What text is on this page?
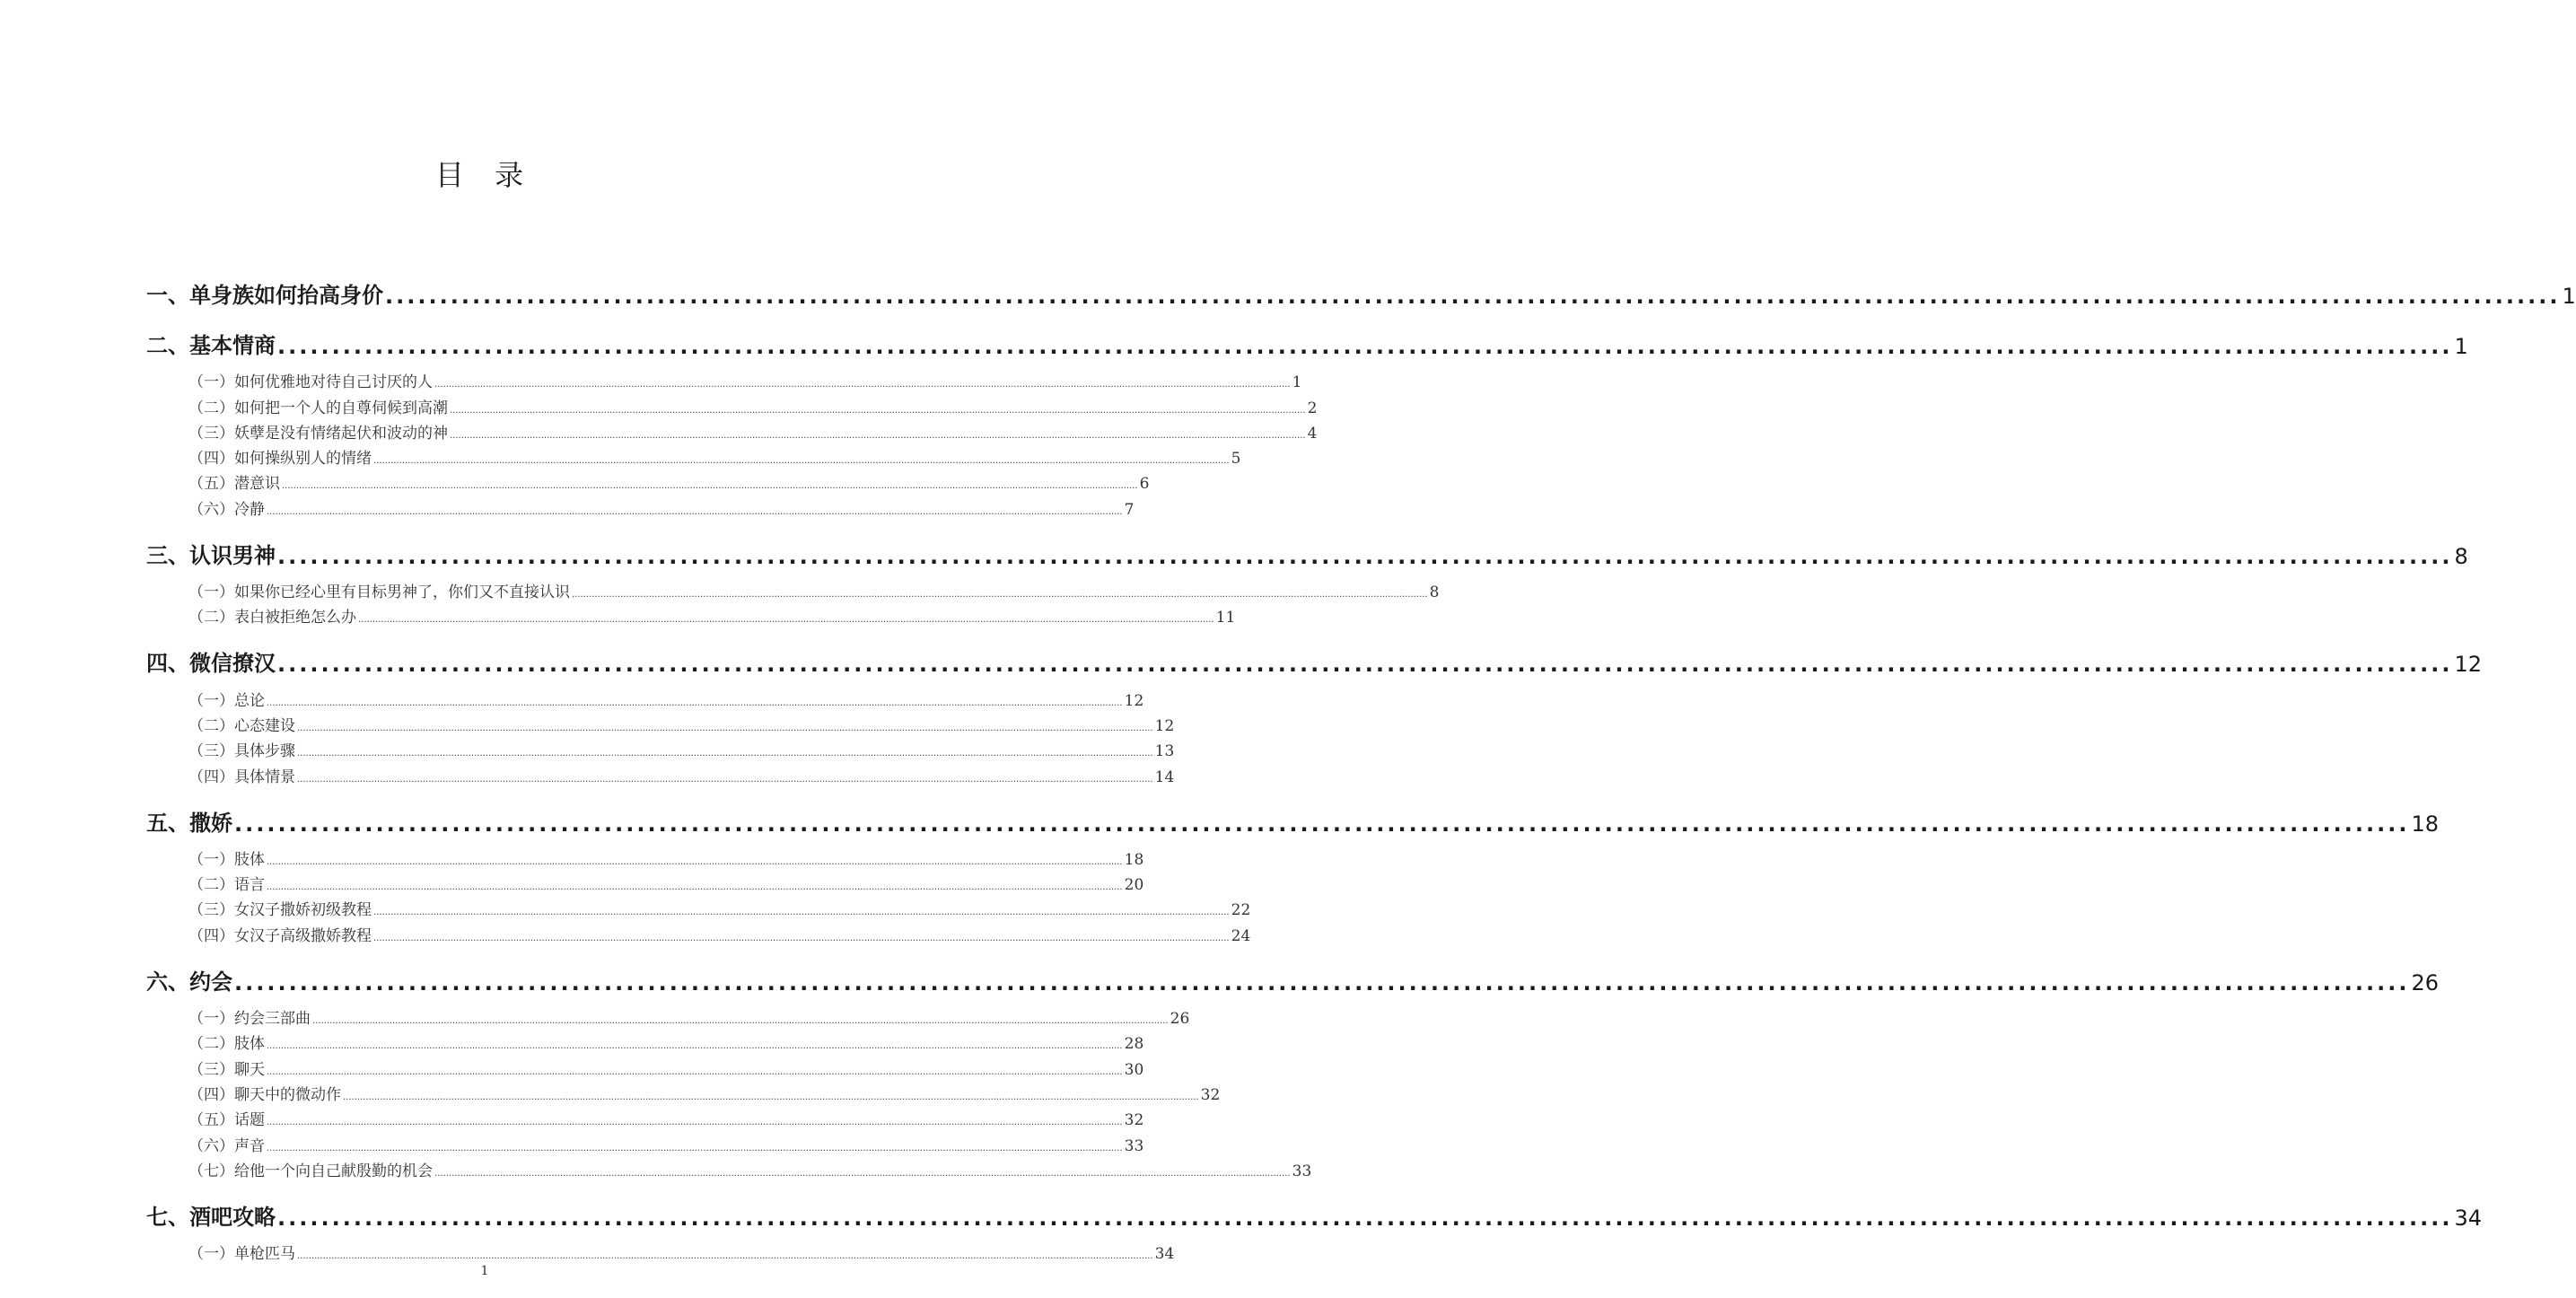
目 录
一、单身族如何抬高身价 ........................................................................................................................................................................................................ 1
二、基本情商 ........................................................................................................................................................................................................ 1
（一）如何优雅地对待自己讨厌的人 ............................................................................................................................................................................................................................................................................................................ 1
（二）如何把一个人的自尊伺候到高潮 ............................................................................................................................................................................................................................................................................................................ 2
（三）妖孽是没有情绪起伏和波动的神 ............................................................................................................................................................................................................................................................................................................ 4
（四）如何操纵别人的情绪 ............................................................................................................................................................................................................................................................................................................ 5
（五）潜意识 ............................................................................................................................................................................................................................................................................................................ 6
（六）冷静 ............................................................................................................................................................................................................................................................................................................ 7
三、认识男神 ........................................................................................................................................................................................................ 8
（一）如果你已经心里有目标男神了，你们又不直接认识 ............................................................................................................................................................................................................................................................................................................ 8
（二）表白被拒绝怎么办 ............................................................................................................................................................................................................................................................................................................ 11
四、微信撩汉 ........................................................................................................................................................................................................ 12
（一）总论 ............................................................................................................................................................................................................................................................................................................ 12
（二）心态建设 ............................................................................................................................................................................................................................................................................................................ 12
（三）具体步骤 ............................................................................................................................................................................................................................................................................................................ 13
（四）具体情景 ............................................................................................................................................................................................................................................................................................................ 14
五、撒娇 ........................................................................................................................................................................................................ 18
（一）肢体 ............................................................................................................................................................................................................................................................................................................ 18
（二）语言 ............................................................................................................................................................................................................................................................................................................ 20
（三）女汉子撒娇初级教程 ............................................................................................................................................................................................................................................................................................................ 22
（四）女汉子高级撒娇教程 ............................................................................................................................................................................................................................................................................................................ 24
六、约会 ........................................................................................................................................................................................................ 26
（一）约会三部曲 ............................................................................................................................................................................................................................................................................................................ 26
（二）肢体 ............................................................................................................................................................................................................................................................................................................ 28
（三）聊天 ............................................................................................................................................................................................................................................................................................................ 30
（四）聊天中的微动作 ............................................................................................................................................................................................................................................................................................................ 32
（五）话题 ............................................................................................................................................................................................................................................................................................................ 32
（六）声音 ............................................................................................................................................................................................................................................................................................................ 33
（七）给他一个向自己献殷勤的机会 ............................................................................................................................................................................................................................................................................................................ 33
七、酒吧攻略 ........................................................................................................................................................................................................ 34
（一）单枪匹马 ............................................................................................................................................................................................................................................................................................................ 34
1
